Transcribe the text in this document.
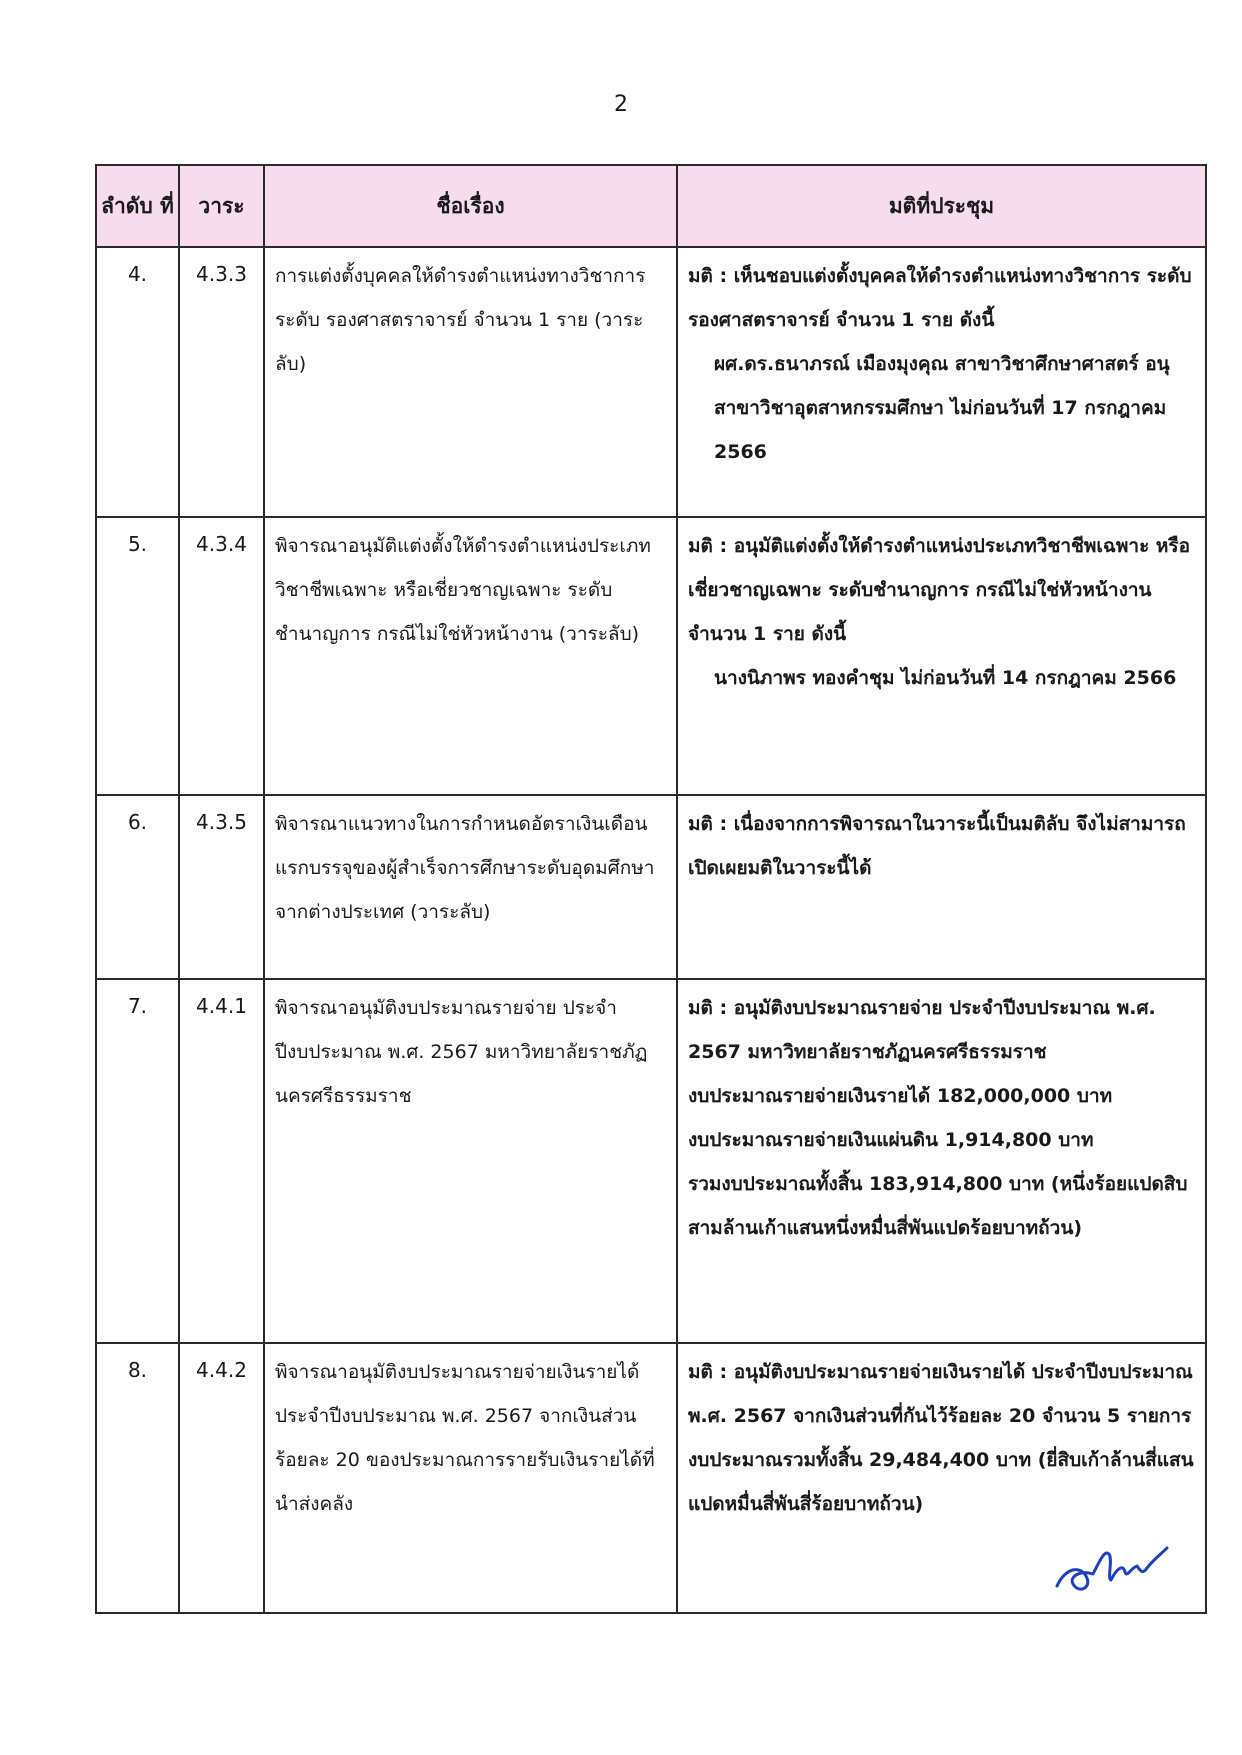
2
ลำดับ ที่	วาระ	ชื่อเรื่อง	มติที่ประชุม
4.	4.3.3	การแต่งตั้งบุคคลให้ดำรงตำแหน่งทางวิชาการ ระดับ รองศาสตราจารย์ จำนวน 1 ราย (วาระลับ)	มติ : เห็นชอบแต่งตั้งบุคคลให้ดำรงตำแหน่งทางวิชาการ ระดับรองศาสตราจารย์ จำนวน 1 ราย ดังนี้
ผศ.ดร.ธนาภรณ์ เมืองมุงคุณ สาขาวิชาศึกษาศาสตร์ อนุสาขาวิชาอุตสาหกรรมศึกษา ไม่ก่อนวันที่ 17 กรกฎาคม 2566

5.	4.3.4	พิจารณาอนุมัติแต่งตั้งให้ดำรงตำแหน่งประเภทวิชาชีพเฉพาะ หรือเชี่ยวชาญเฉพาะ ระดับชำนาญการ กรณีไม่ใช่หัวหน้างาน (วาระลับ)	มติ : อนุมัติแต่งตั้งให้ดำรงตำแหน่งประเภทวิชาชีพเฉพาะ หรือเชี่ยวชาญเฉพาะ ระดับชำนาญการ กรณีไม่ใช่หัวหน้างาน จำนวน 1 ราย ดังนี้
นางนิภาพร ทองคำชุม ไม่ก่อนวันที่ 14 กรกฎาคม 2566

6.	4.3.5	พิจารณาแนวทางในการกำหนดอัตราเงินเดือนแรกบรรจุของผู้สำเร็จการศึกษาระดับอุดมศึกษาจากต่างประเทศ (วาระลับ)	มติ : เนื่องจากการพิจารณาในวาระนี้เป็นมติลับ จึงไม่สามารถเปิดเผยมติในวาระนี้ได้

7.	4.4.1	พิจารณาอนุมัติงบประมาณรายจ่าย ประจำปีงบประมาณ พ.ศ. 2567 มหาวิทยาลัยราชภัฏนครศรีธรรมราช	มติ : อนุมัติงบประมาณรายจ่าย ประจำปีงบประมาณ พ.ศ. 2567 มหาวิทยาลัยราชภัฏนครศรีธรรมราช
งบประมาณรายจ่ายเงินรายได้ 182,000,000 บาท
งบประมาณรายจ่ายเงินแผ่นดิน 1,914,800 บาท
รวมงบประมาณทั้งสิ้น 183,914,800 บาท (หนึ่งร้อยแปดสิบสามล้านเก้าแสนหนึ่งหมื่นสี่พันแปดร้อยบาทถ้วน)

8.	4.4.2	พิจารณาอนุมัติงบประมาณรายจ่ายเงินรายได้ประจำปีงบประมาณ พ.ศ. 2567 จากเงินส่วนร้อยละ 20 ของประมาณการรายรับเงินรายได้ที่นำส่งคลัง	มติ : อนุมัติงบประมาณรายจ่ายเงินรายได้ ประจำปีงบประมาณ พ.ศ. 2567 จากเงินส่วนที่กันไว้ร้อยละ 20 จำนวน 5 รายการ งบประมาณรวมทั้งสิ้น 29,484,400 บาท (ยี่สิบเก้าล้านสี่แสนแปดหมื่นสี่พันสี่ร้อยบาทถ้วน)
